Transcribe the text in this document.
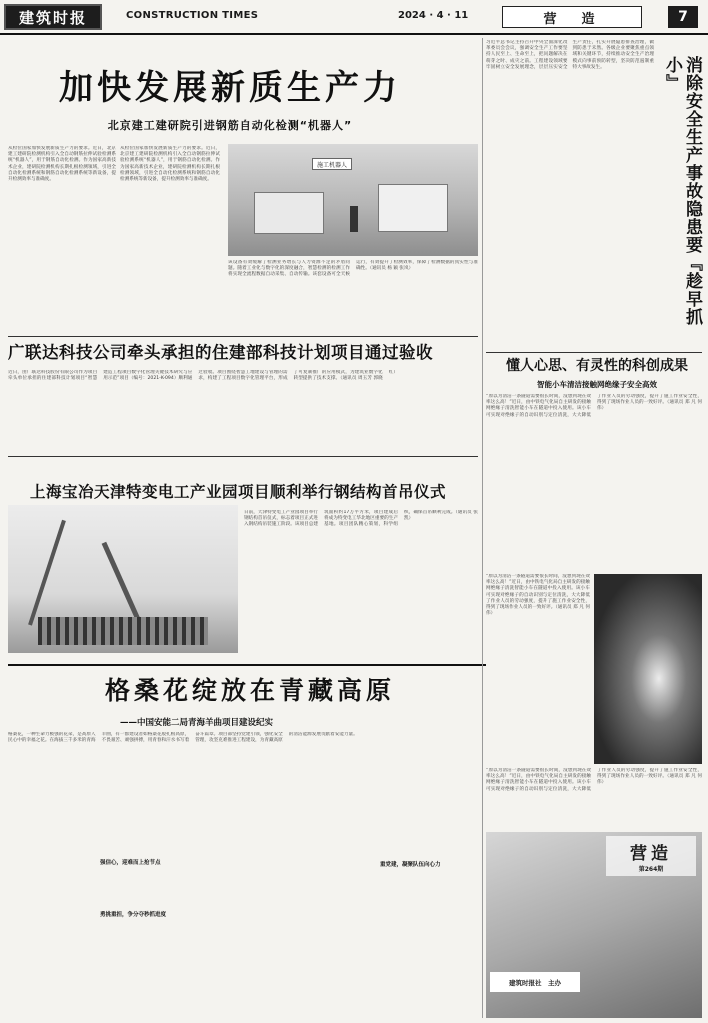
建筑时报	CONSTRUCTION TIMES	2024 · 4 · 11	营　造	7
加快发展新质生产力
北京建工建研院引进钢筋自动化检测“机器人”
从检位国家加快发展新质生产力的要求。近日，北京建工建研院检测机构引入全自动钢筋拉伸试验检测系统“机器人”，用于钢筋自动化检测。作为国家高新技术企业，建研院检测机构长期扎根检测领域，引进全自动化检测系统和钢筋自动化检测系统等新设备，提升检测效率与准确度。
从检位国家加快发展新质生产力的要求。近日，北京建工建研院检测机构引入全自动钢筋拉伸试验检测系统“机器人”，用于钢筋自动化检测。作为国家高新技术企业，建研院检测机构长期扎根检测领域，引进全自动化检测系统和钢筋自动化检测系统等新设备，提升检测效率与准确度。
施工机器人
该设备有效缓解了检测业务增长与人力资源不足的矛盾问题。随着工业化与数字化的深度融合，智慧检测的检测工作将实现全流程数据自动采集、自动传输。该套设备可全天候运行，有效提升了检测效率，保障了检测数据的真实性与准确性。（通讯员 杨 颖 张岚）
广联达科技公司牵头承担的住建部科技计划项目通过验收
近日，由广联达科技股份有限公司作为项目牵头单位承担的住建部科技计划项目“智慧建造工程项目数字化管理关键技术研究与应用示范”项目（编号：2021-K-094）顺利通过验收。项目围绕智慧工地建设与管理的需求，构建了工程项目数字化管理平台，形成了可复制推广的应用模式，为建筑业数字化转型提供了技术支撑。（通讯员 周玉芳 郭晓红）
上海宝冶天津特变电工产业园项目顺利举行钢结构首吊仪式
日前，天津特变电工产业园项目举行钢结构首吊仪式，标志着项目正式进入钢结构吊装施工阶段。该项目总建筑面积约17万平方米，项目建成后将成为特变电工华北地区重要的生产基地。项目团队精心策划，科学组织，确保首吊顺利完成。（通讯员 张凯）
格桑花绽放在青藏高原
——中国安能二局青海羊曲项目建设纪实
格桑花，一种生命力极强的花朵，是高原人民心中的幸福之花。在海拔三千多米的青海羊曲，有一群建设者如格桑花般扎根高原，不畏艰苦、顽强拼搏，用青春和汗水书写着奋斗篇章。项目部坚持党建引领，强化安全管理，攻坚克难推进工程建设，为青藏高原的清洁能源发展贡献着安能力量。
强信心，迎难而上抢节点
勇挑重担，争分夺秒抓进度
重党建，凝聚队伍向心力
习近平总书记主持召开中央全面深化改革委员会会议，强调安全生产工作要坚持人民至上、生命至上，把问题解决在萌芽之时、成灾之前。工程建设领域要牢固树立安全发展理念，层层压实安全生产责任，扎实开展隐患排查治理，做到防患于未然。各级企业要聚焦重点领域和关键环节，持续推动安全生产治理模式向事前预防转型，坚决防范遏制重特大事故发生。	消除安全生产事故隐患要『趁早抓小』
懂人心思、有灵性的科创成果
智能小车清洁接触网绝缘子安全高效
“原以为清洁一条隧道需要很长时间，没想到现在效率这么高！”近日，由中铁电气化局自主研发的接触网绝缘子清洗智能小车在隧道中投入使用。该小车可实现对绝缘子的自动识别与定位清洗，大大降低了作业人员的劳动强度，提升了施工作业安全性，得到了现场作业人员的一致好评。（通讯员 郑 凡 何 伟）
“原以为清洁一条隧道需要很长时间，没想到现在效率这么高！”近日，由中铁电气化局自主研发的接触网绝缘子清洗智能小车在隧道中投入使用。该小车可实现对绝缘子的自动识别与定位清洗，大大降低了作业人员的劳动强度，提升了施工作业安全性，得到了现场作业人员的一致好评。（通讯员 郑 凡 何 伟）
“原以为清洁一条隧道需要很长时间，没想到现在效率这么高！”近日，由中铁电气化局自主研发的接触网绝缘子清洗智能小车在隧道中投入使用。该小车可实现对绝缘子的自动识别与定位清洗，大大降低了作业人员的劳动强度，提升了施工作业安全性，得到了现场作业人员的一致好评。（通讯员 郑 凡 何 伟）
营造
第264期
建筑时报社　主办
